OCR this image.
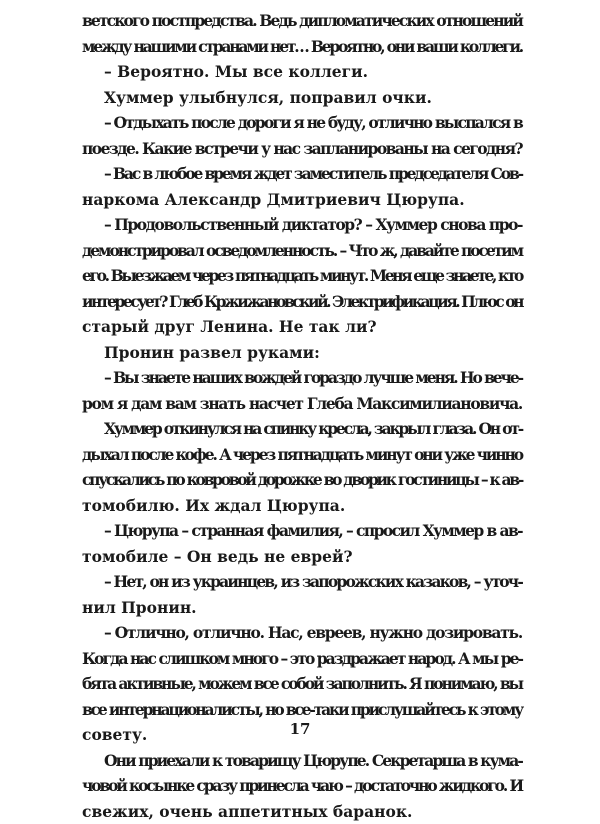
ветского постпредства. Ведь дипломатических отношений
между нашими странами нет… Вероятно, они ваши коллеги.
– Вероятно. Мы все коллеги.
Хуммер улыбнулся, поправил очки.
– Отдыхать после дороги я не буду, отлично выспался в
поезде. Какие встречи у нас запланированы на сегодня?
– Вас в любое время ждет заместитель председателя Сов-
наркома Александр Дмитриевич Цюрупа.
– Продовольственный диктатор? – Хуммер снова про-
демонстрировал осведомленность. – Что ж, давайте посетим
его. Выезжаем через пятнадцать минут. Меня еще знаете, кто
интересует? Глеб Кржижановский. Электрификация. Плюс он
старый друг Ленина. Не так ли?
Пронин развел руками:
– Вы знаете наших вождей гораздо лучше меня. Но вече-
ром я дам вам знать насчет Глеба Максимилиановича.
Хуммер откинулся на спинку кресла, закрыл глаза. Он от-
дыхал после кофе. А через пятнадцать минут они уже чинно
спускались по ковровой дорожке во дворик гостиницы – к ав-
томобилю. Их ждал Цюрупа.
– Цюрупа – странная фамилия, – спросил Хуммер в ав-
томобиле – Он ведь не еврей?
– Нет, он из украинцев, из запорожских казаков, – уточ-
нил Пронин.
– Отлично, отлично. Нас, евреев, нужно дозировать.
Когда нас слишком много – это раздражает народ. А мы ре-
бята активные, можем все собой заполнить. Я понимаю, вы
все интернационалисты, но все-таки прислушайтесь к этому
совету.
Они приехали к товарищу Цюрупе. Секретарша в кума-
човой косынке сразу принесла чаю – достаточно жидкого. И
свежих, очень аппетитных баранок.
17
